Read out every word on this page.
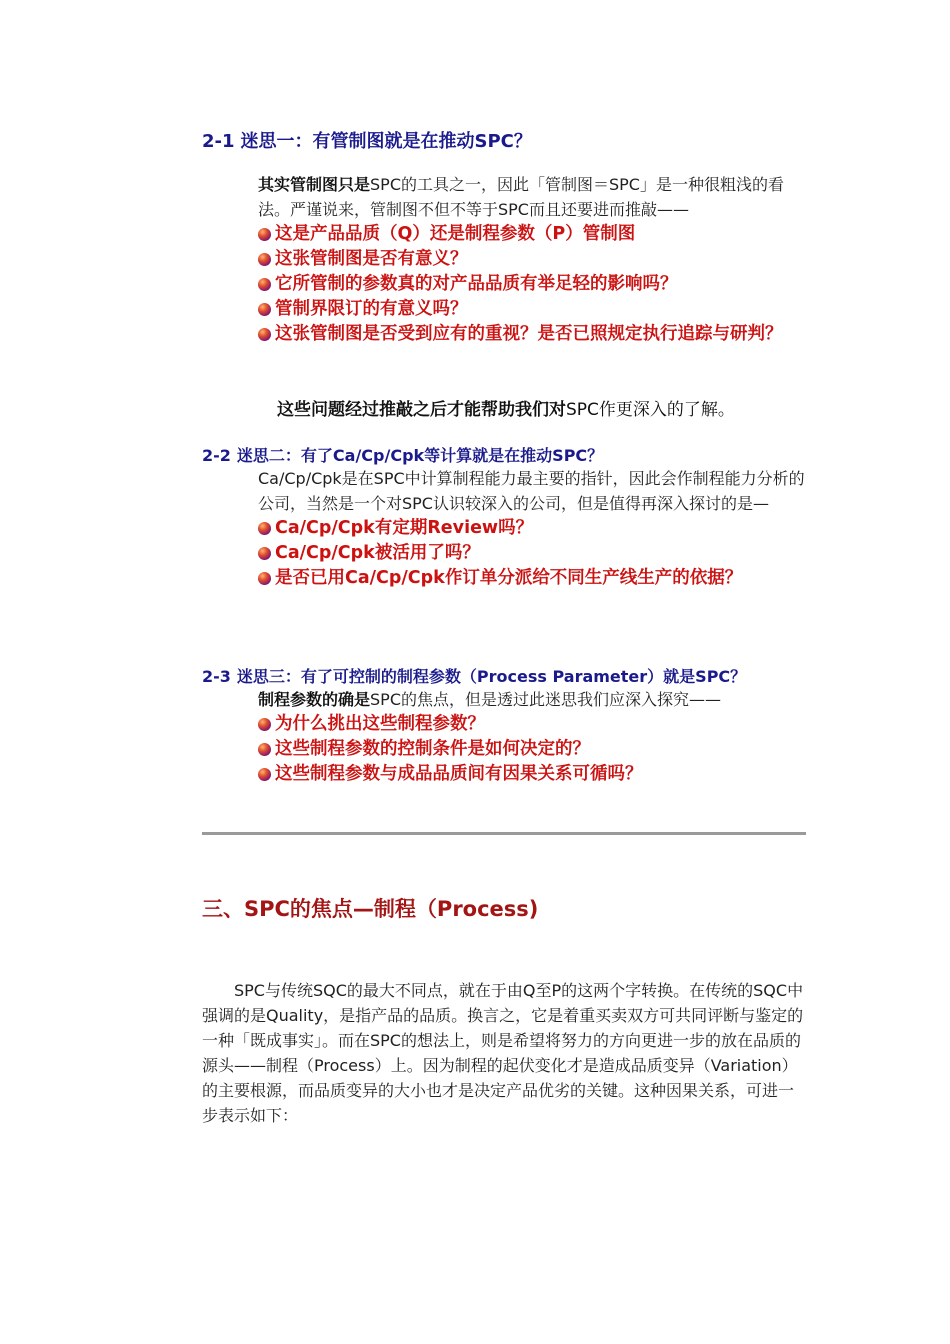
2-1 迷思一：有管制图就是在推动SPC？
其实管制图只是SPC的工具之一，因此「管制图＝SPC」是一种很粗浅的看法。严谨说来，管制图不但不等于SPC而且还要进而推敲——
这是产品品质（Q）还是制程参数（P）管制图
这张管制图是否有意义？
它所管制的参数真的对产品品质有举足轻的影响吗？
管制界限订的有意义吗？
这张管制图是否受到应有的重视？是否已照规定执行追踪与研判？
这些问题经过推敲之后才能帮助我们对SPC作更深入的了解。
2-2 迷思二：有了Ca/Cp/Cpk等计算就是在推动SPC？
Ca/Cp/Cpk是在SPC中计算制程能力最主要的指针，因此会作制程能力分析的公司，当然是一个对SPC认识较深入的公司，但是值得再深入探讨的是—
Ca/Cp/Cpk有定期Review吗？
Ca/Cp/Cpk被活用了吗？
是否已用Ca/Cp/Cpk作订单分派给不同生产线生产的依据？
2-3 迷思三：有了可控制的制程参数（Process Parameter）就是SPC？
制程参数的确是SPC的焦点，但是透过此迷思我们应深入探究——
为什么挑出这些制程参数？
这些制程参数的控制条件是如何决定的？
这些制程参数与成品品质间有因果关系可循吗？
三、SPC的焦点—制程（Process)
SPC与传统SQC的最大不同点，就在于由Q至P的这两个字转换。在传统的SQC中强调的是Quality，是指产品的品质。换言之，它是着重买卖双方可共同评断与鉴定的一种「既成事实」。而在SPC的想法上，则是希望将努力的方向更进一步的放在品质的源头——制程（Process）上。因为制程的起伏变化才是造成品质变异（Variation）的主要根源，而品质变异的大小也才是决定产品优劣的关键。这种因果关系，可进一步表示如下：
